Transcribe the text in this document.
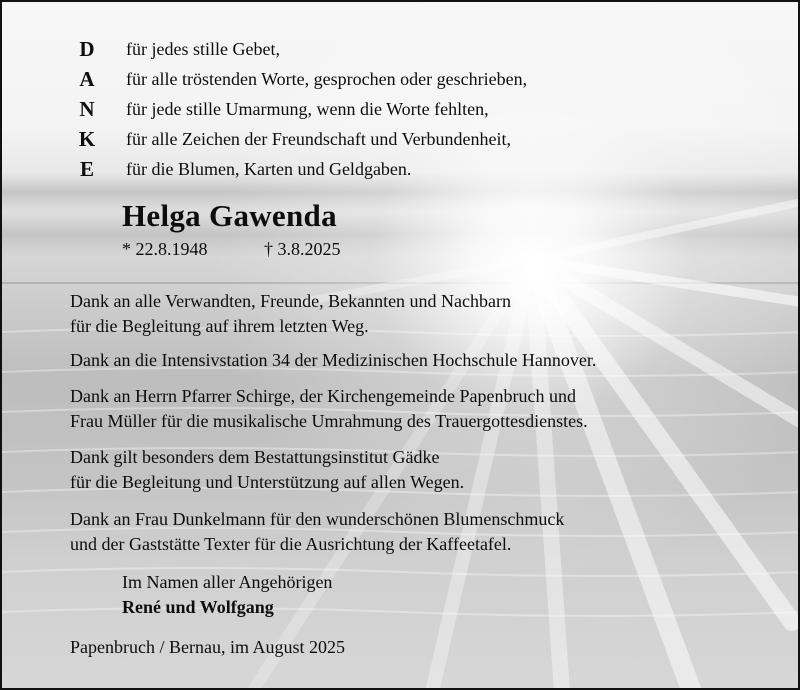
D für jedes stille Gebet,
A für alle tröstenden Worte, gesprochen oder geschrieben,
N für jede stille Umarmung, wenn die Worte fehlten,
K für alle Zeichen der Freundschaft und Verbundenheit,
E für die Blumen, Karten und Geldgaben.
Helga Gawenda
* 22.8.1948	† 3.8.2025
Dank an alle Verwandten, Freunde, Bekannten und Nachbarn
für die Begleitung auf ihrem letzten Weg.
Dank an die Intensivstation 34 der Medizinischen Hochschule Hannover.
Dank an Herrn Pfarrer Schirge, der Kirchengemeinde Papenbruch und
Frau Müller für die musikalische Umrahmung des Trauergottesdienstes.
Dank gilt besonders dem Bestattungsinstitut Gädke
für die Begleitung und Unterstützung auf allen Wegen.
Dank an Frau Dunkelmann für den wunderschönen Blumenschmuck
und der Gaststätte Texter für die Ausrichtung der Kaffeetafel.
Im Namen aller Angehörigen
René und Wolfgang
Papenbruch / Bernau, im August 2025
